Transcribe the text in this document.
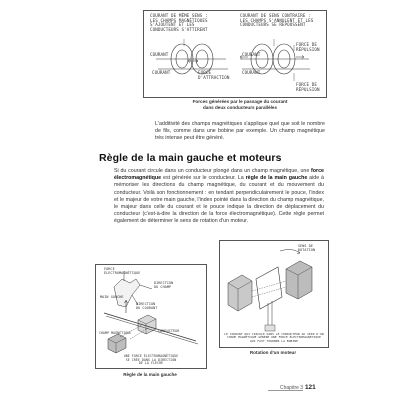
COURANT DE MÊME SENS :
LES CHAMPS MAGNÉTIQUES
S'AJOUTENT ET LES
CONDUCTEURS S'ATTIRENT
COURANT DE SENS CONTRAIRE :
LES CHAMPS S'ANNULENT ET LES
CONDUCTEURS SE REPOUSSENT
COURANT
COURANT
COURANT
COURANT
FORCE
D'ATTRACTION
FORCE DE
RÉPULSION
FORCE DE
RÉPULSION
Forces générées par le passage du courant
dans deux conducteurs parallèles
L'additivité des champs magnétiques s'applique quel que soit le nombre de fils, comme dans une bobine par exemple. Un champ magnétique très intense peut être généré.
Règle de la main gauche et moteurs
Si du courant circule dans un conducteur plongé dans un champ magnétique, une force électromagnétique est générée sur le conducteur. La règle de la main gauche aide à mémoriser les directions du champ magnétique, du courant et du mouvement du conducteur. Voilà son fonctionnement : en tendant perpendiculairement le pouce, l'index et le majeur de votre main gauche, l'index pointé dans la direction du champ magnétique, le majeur dans celle du courant et le pouce indique la direction de déplacement du conducteur (c'est-à-dire la direction de la force électromagnétique). Cette règle permet également de déterminer le sens de rotation d'un moteur.
FORCE
ÉLECTROMAGNÉTIQUE
DIRECTION
DU CHAMP
DIRECTION
DU COURANT
MAIN GAUCHE
CHAMP MAGNÉTIQUE	CONDUCTEUR
UNE FORCE ÉLECTROMAGNÉTIQUE
SE CRÉE DANS LA DIRECTION
DE LA FLÈCHE
Règle de la main gauche
SENS DE
ROTATION
LE COURANT QUI CIRCULE DANS LE CONDUCTEUR AU SEIN D'UN
CHAMP MAGNÉTIQUE GÉNÈRE UNE FORCE ÉLECTROMAGNÉTIQUE
QUI FAIT TOURNER LA BOBINE
Rotation d'un moteur
Chapitre 3 121
